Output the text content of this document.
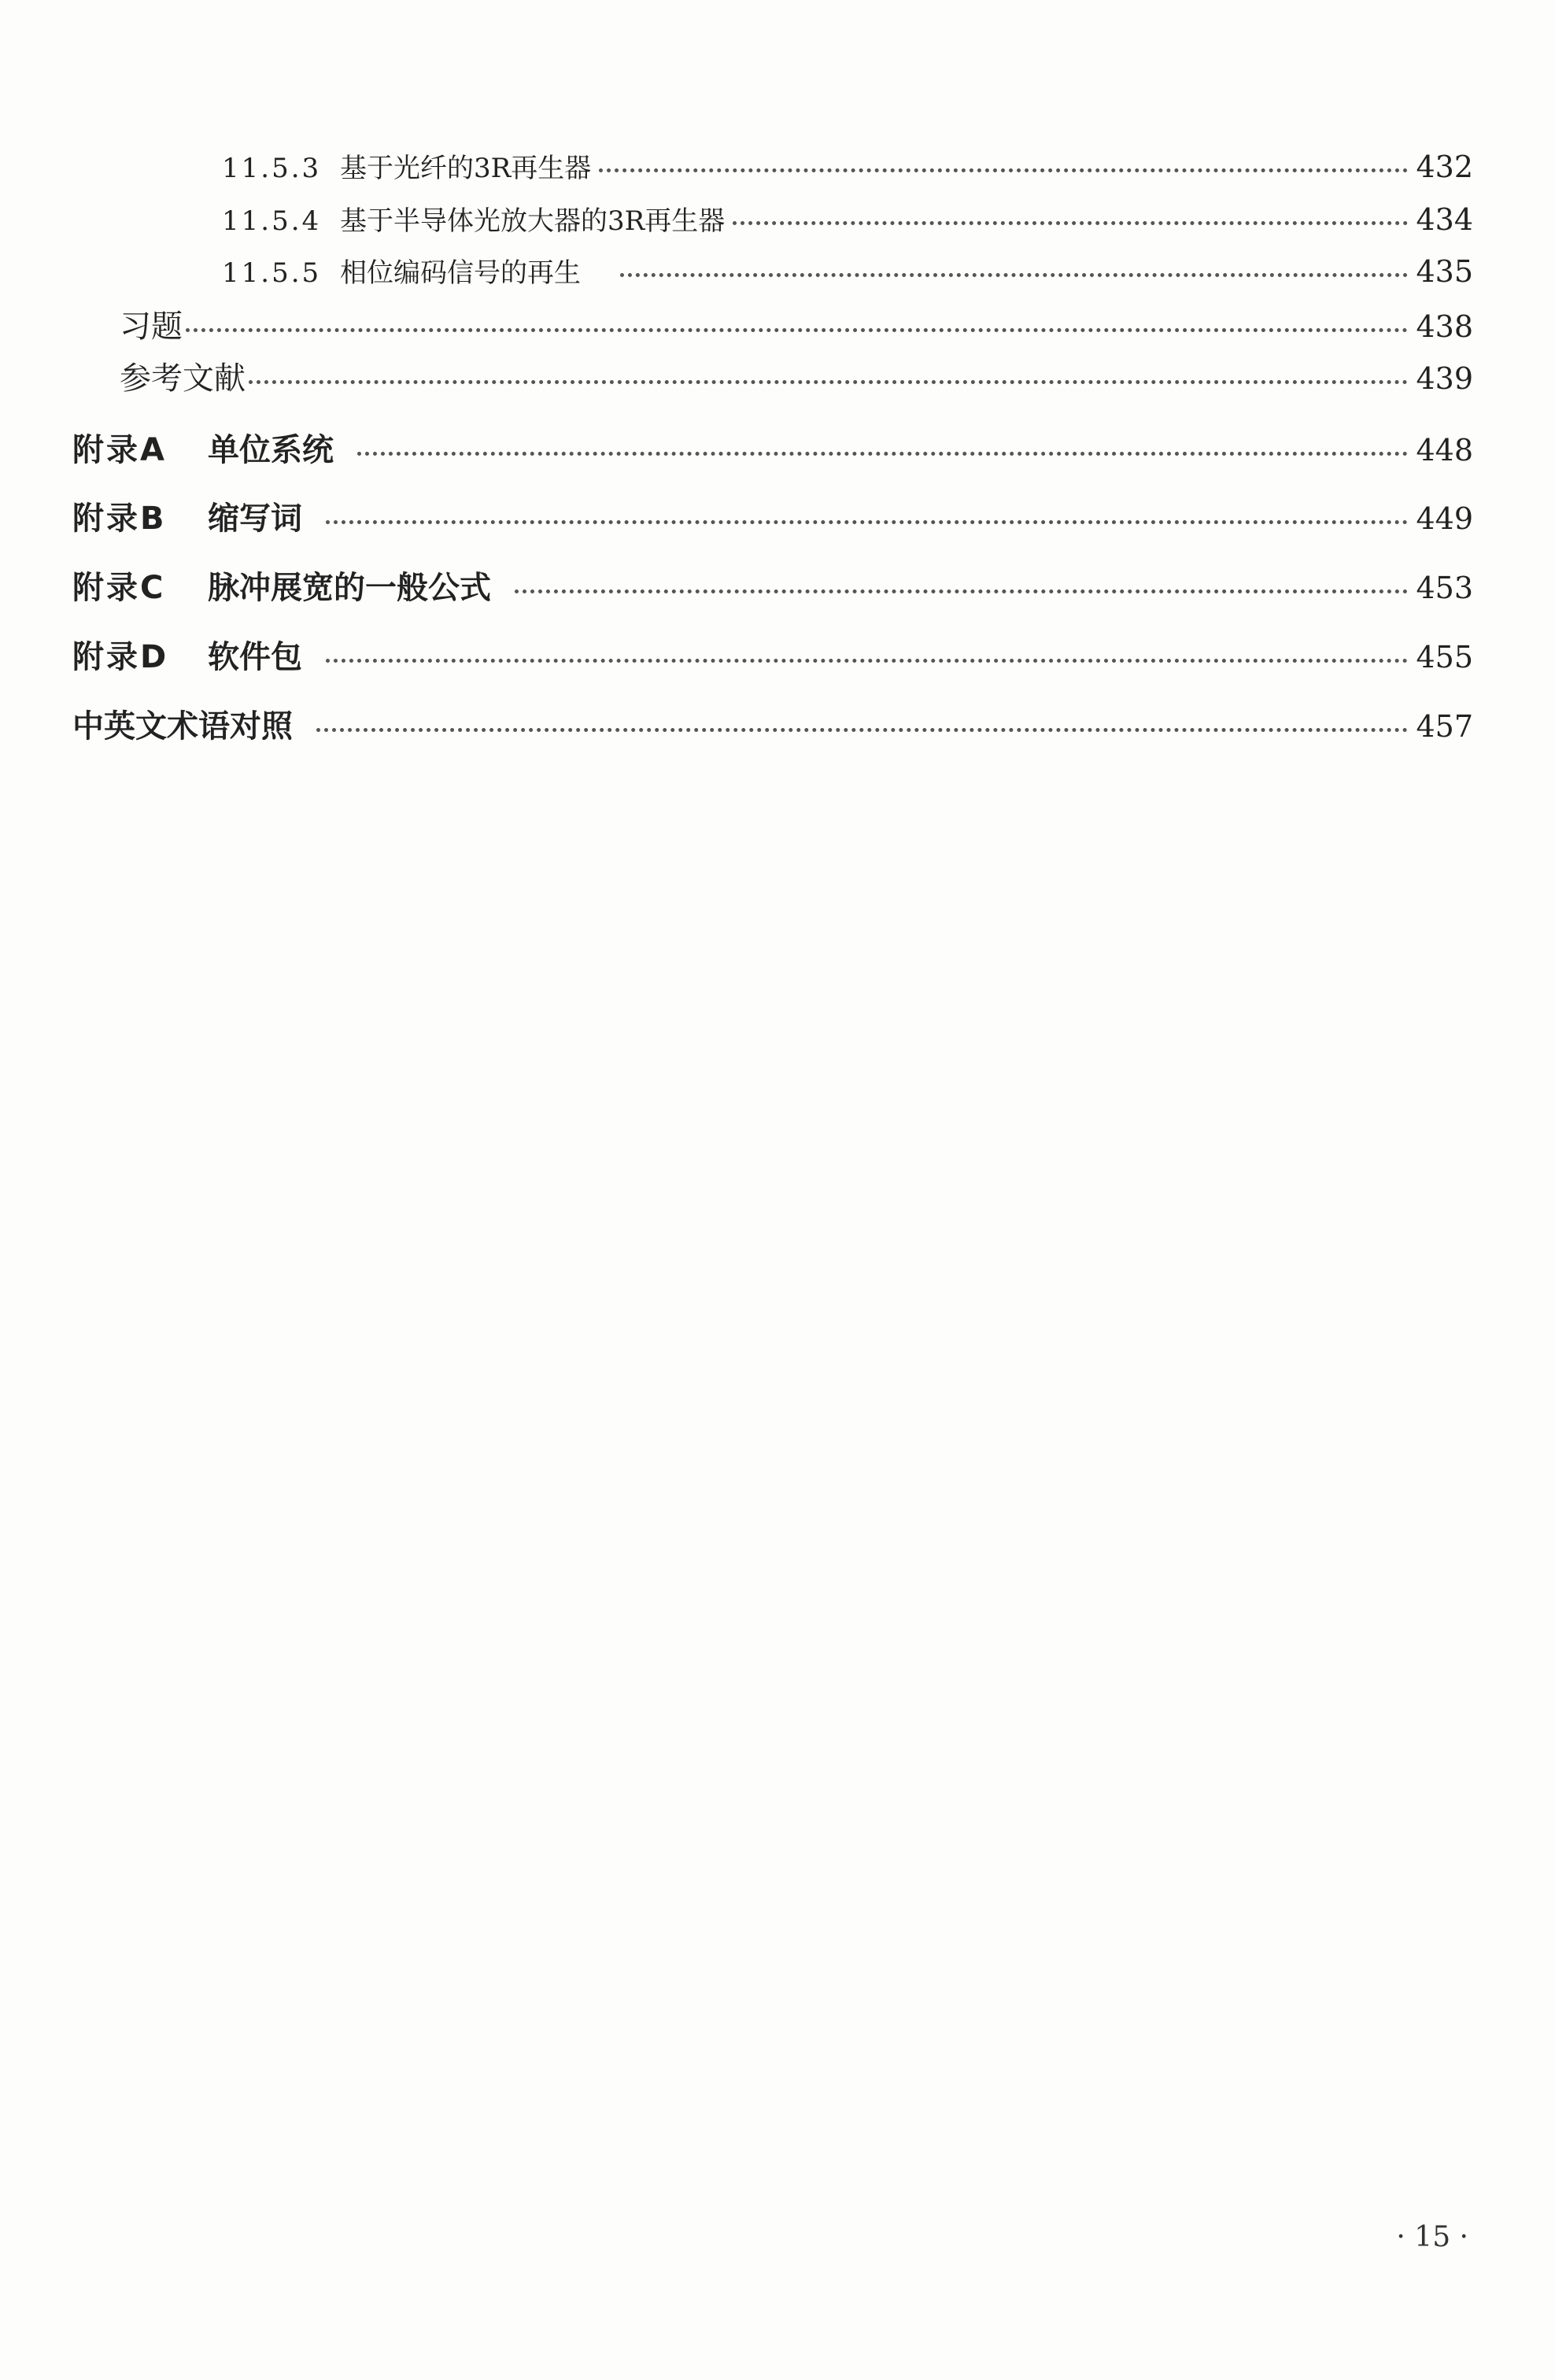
11.5.3 基于光纤的3R再生器	432
11.5.4 基于半导体光放大器的3R再生器	434
11.5.5 相位编码信号的再生	435
习题	438
参考文献	439
附录A	单位系统	448
附录B	缩写词	449
附录C	脉冲展宽的一般公式	453
附录D	软件包	455
中英文术语对照	457
· 15 ·
